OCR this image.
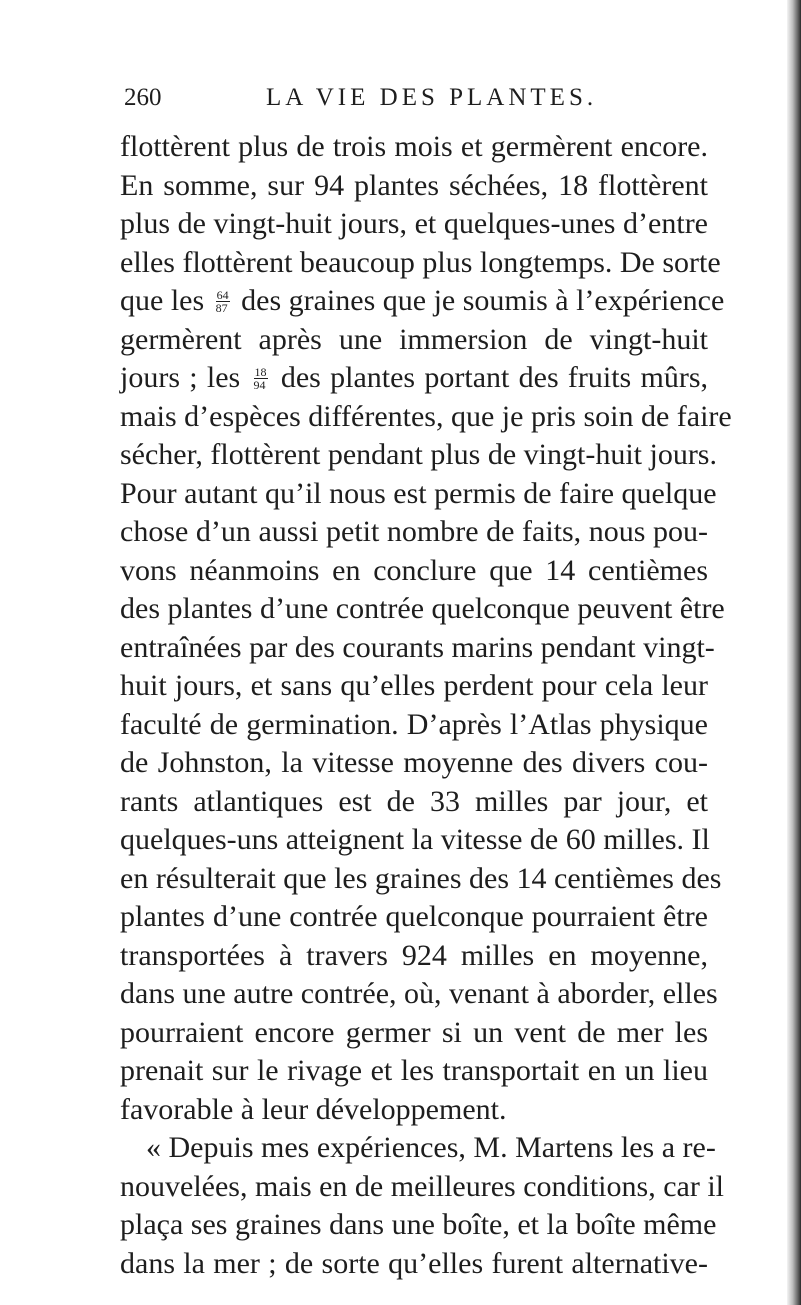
260	LA VIE DES PLANTES.
flottèrent plus de trois mois et germèrent encore.
En somme, sur 94 plantes séchées, 18 flottèrent
plus de vingt-huit jours, et quelques-unes d’entre
elles flottèrent beaucoup plus longtemps. De sorte
que les $\frac{64}{87}$ des graines que je soumis à l’expérience
germèrent après une immersion de vingt-huit
jours ; les $\frac{18}{94}$ des plantes portant des fruits mûrs,
mais d’espèces différentes, que je pris soin de faire
sécher, flottèrent pendant plus de vingt-huit jours.
Pour autant qu’il nous est permis de faire quelque
chose d’un aussi petit nombre de faits, nous pou-
vons néanmoins en conclure que 14 centièmes
des plantes d’une contrée quelconque peuvent être
entraînées par des courants marins pendant vingt-
huit jours, et sans qu’elles perdent pour cela leur
faculté de germination. D’après l’Atlas physique
de Johnston, la vitesse moyenne des divers cou-
rants atlantiques est de 33 milles par jour, et
quelques-uns atteignent la vitesse de 60 milles. Il
en résulterait que les graines des 14 centièmes des
plantes d’une contrée quelconque pourraient être
transportées à travers 924 milles en moyenne,
dans une autre contrée, où, venant à aborder, elles
pourraient encore germer si un vent de mer les
prenait sur le rivage et les transportait en un lieu
favorable à leur développement.
« Depuis mes expériences, M. Martens les a re-
nouvelées, mais en de meilleures conditions, car il
plaça ses graines dans une boîte, et la boîte même
dans la mer ; de sorte qu’elles furent alternative-
